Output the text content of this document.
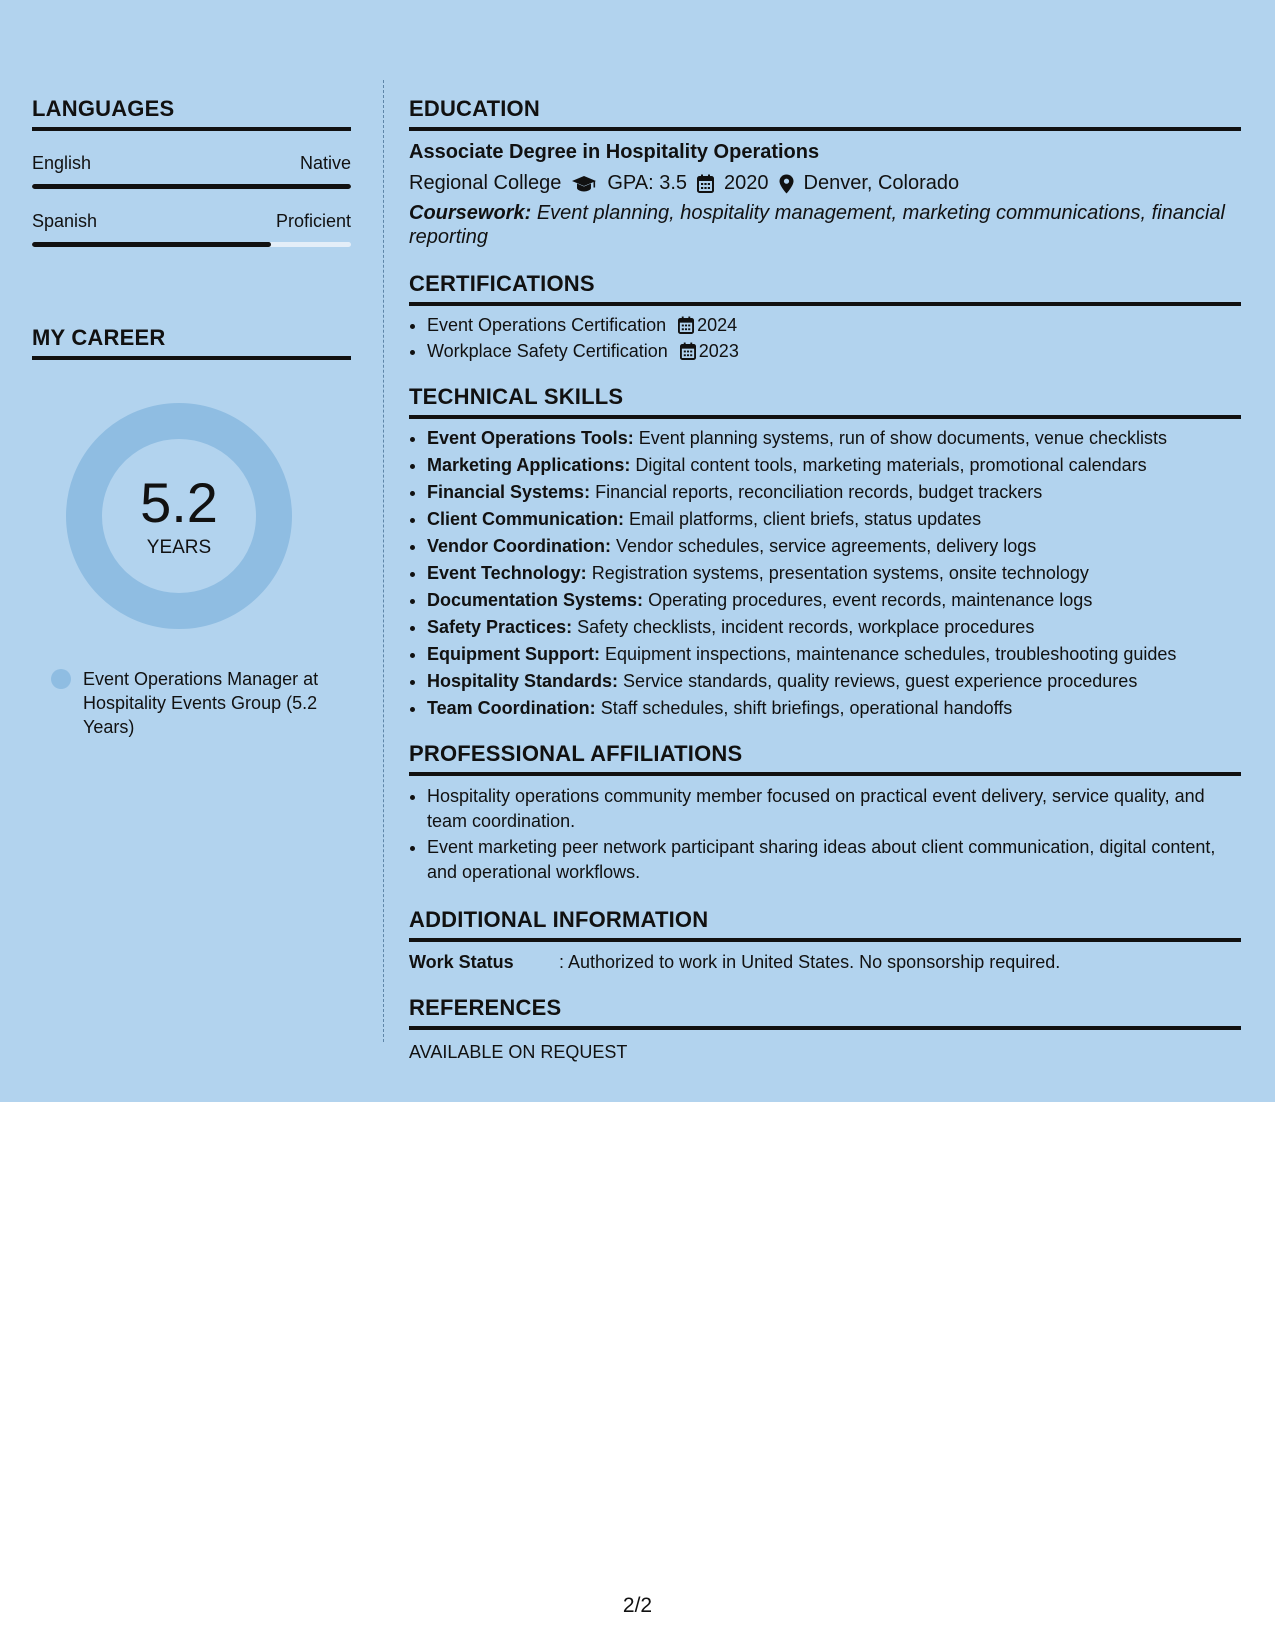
LANGUAGES
English	Native
Spanish	Proficient
MY CAREER
5.2
YEARS
Event Operations Manager at Hospitality Events Group (5.2 Years)
EDUCATION
Associate Degree in Hospitality Operations
Regional College GPA: 3.5 2020 Denver, Colorado
Coursework: Event planning, hospitality management, marketing communications, financial reporting
CERTIFICATIONS
• Event Operations Certification 2024
• Workplace Safety Certification 2023
TECHNICAL SKILLS
• Event Operations Tools: Event planning systems, run of show documents, venue checklists
• Marketing Applications: Digital content tools, marketing materials, promotional calendars
• Financial Systems: Financial reports, reconciliation records, budget trackers
• Client Communication: Email platforms, client briefs, status updates
• Vendor Coordination: Vendor schedules, service agreements, delivery logs
• Event Technology: Registration systems, presentation systems, onsite technology
• Documentation Systems: Operating procedures, event records, maintenance logs
• Safety Practices: Safety checklists, incident records, workplace procedures
• Equipment Support: Equipment inspections, maintenance schedules, troubleshooting guides
• Hospitality Standards: Service standards, quality reviews, guest experience procedures
• Team Coordination: Staff schedules, shift briefings, operational handoffs
PROFESSIONAL AFFILIATIONS
• Hospitality operations community member focused on practical event delivery, service quality, and team coordination.
• Event marketing peer network participant sharing ideas about client communication, digital content, and operational workflows.
ADDITIONAL INFORMATION
Work Status	: Authorized to work in United States. No sponsorship required.
REFERENCES
AVAILABLE ON REQUEST
2/2
